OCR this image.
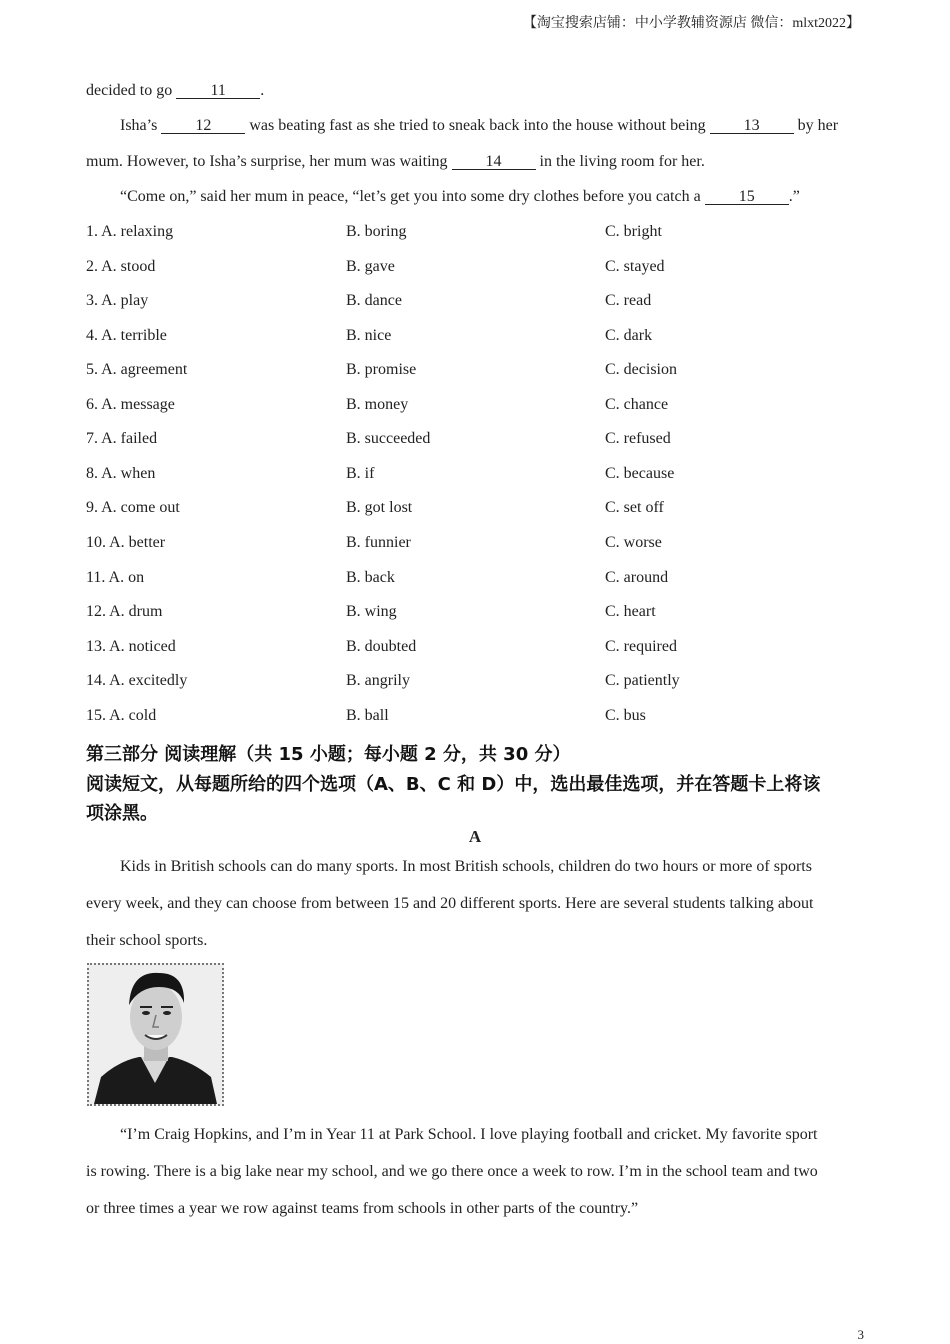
【淘宝搜索店铺：中小学教辅资源店 微信：mlxt2022】
decided to go 11 .
Isha’s 12 was beating fast as she tried to sneak back into the house without being 13 by her
mum. However, to Isha’s surprise, her mum was waiting 14 in the living room for her.
“Come on,” said her mum in peace, “let’s get you into some dry clothes before you catch a 15 .”
1. A. relaxing	B. boring	C. bright
2. A. stood	B. gave	C. stayed
3. A. play	B. dance	C. read
4. A. terrible	B. nice	C. dark
5. A. agreement	B. promise	C. decision
6. A. message	B. money	C. chance
7. A. failed	B. succeeded	C. refused
8. A. when	B. if	C. because
9. A. come out	B. got lost	C. set off
10. A. better	B. funnier	C. worse
11. A. on	B. back	C. around
12. A. drum	B. wing	C. heart
13. A. noticed	B. doubted	C. required
14. A. excitedly	B. angrily	C. patiently
15. A. cold	B. ball	C. bus
第三部分 阅读理解（共 15 小题；每小题 2 分，共 30 分）
阅读短文，从每题所给的四个选项（A、B、C 和 D）中，选出最佳选项，并在答题卡上将该
项涂黑。
A
Kids in British schools can do many sports. In most British schools, children do two hours or more of sports
every week, and they can choose from between 15 and 20 different sports. Here are several students talking about
their school sports.
“I’m Craig Hopkins, and I’m in Year 11 at Park School. I love playing football and cricket. My favorite sport
is rowing. There is a big lake near my school, and we go there once a week to row. I’m in the school team and two
or three times a year we row against teams from schools in other parts of the country.”
3
